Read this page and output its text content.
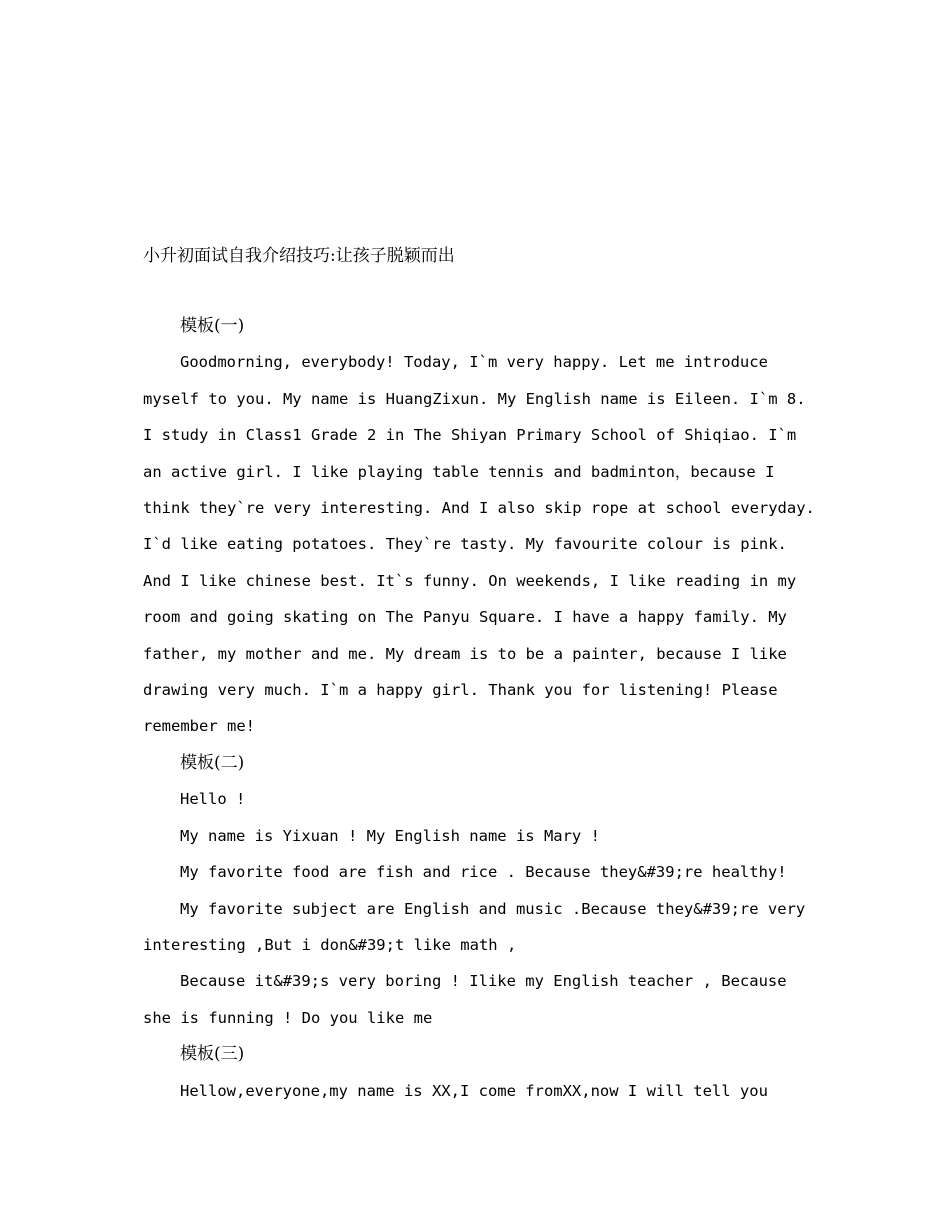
小升初面试自我介绍技巧:让孩子脱颖而出

模板(一)

Goodmorning, everybody! Today, I`m very happy. Let me introduce myself to you. My name is HuangZixun. My English name is Eileen. I`m 8. I study in Class1 Grade 2 in The Shiyan Primary School of Shiqiao. I`m an active girl. I like playing table tennis and badminton，because I think they`re very interesting. And I also skip rope at school everyday. I`d like eating potatoes. They`re tasty. My favourite colour is pink. And I like chinese best. It`s funny. On weekends, I like reading in my room and going skating on The Panyu Square. I have a happy family. My father, my mother and me. My dream is to be a painter, because I like drawing very much. I`m a happy girl. Thank you for listening! Please remember me!

模板(二)

Hello !

My name is Yixuan ! My English name is Mary !

My favorite food are fish and rice . Because they&#39;re healthy!

My favorite subject are English and music .Because they&#39;re very interesting ,But i don&#39;t like math ,

Because it&#39;s very boring ! Ilike my English teacher , Because she is funning ! Do you like me

模板(三)

Hellow,everyone,my name is XX,I come fromXX,now I will tell you
